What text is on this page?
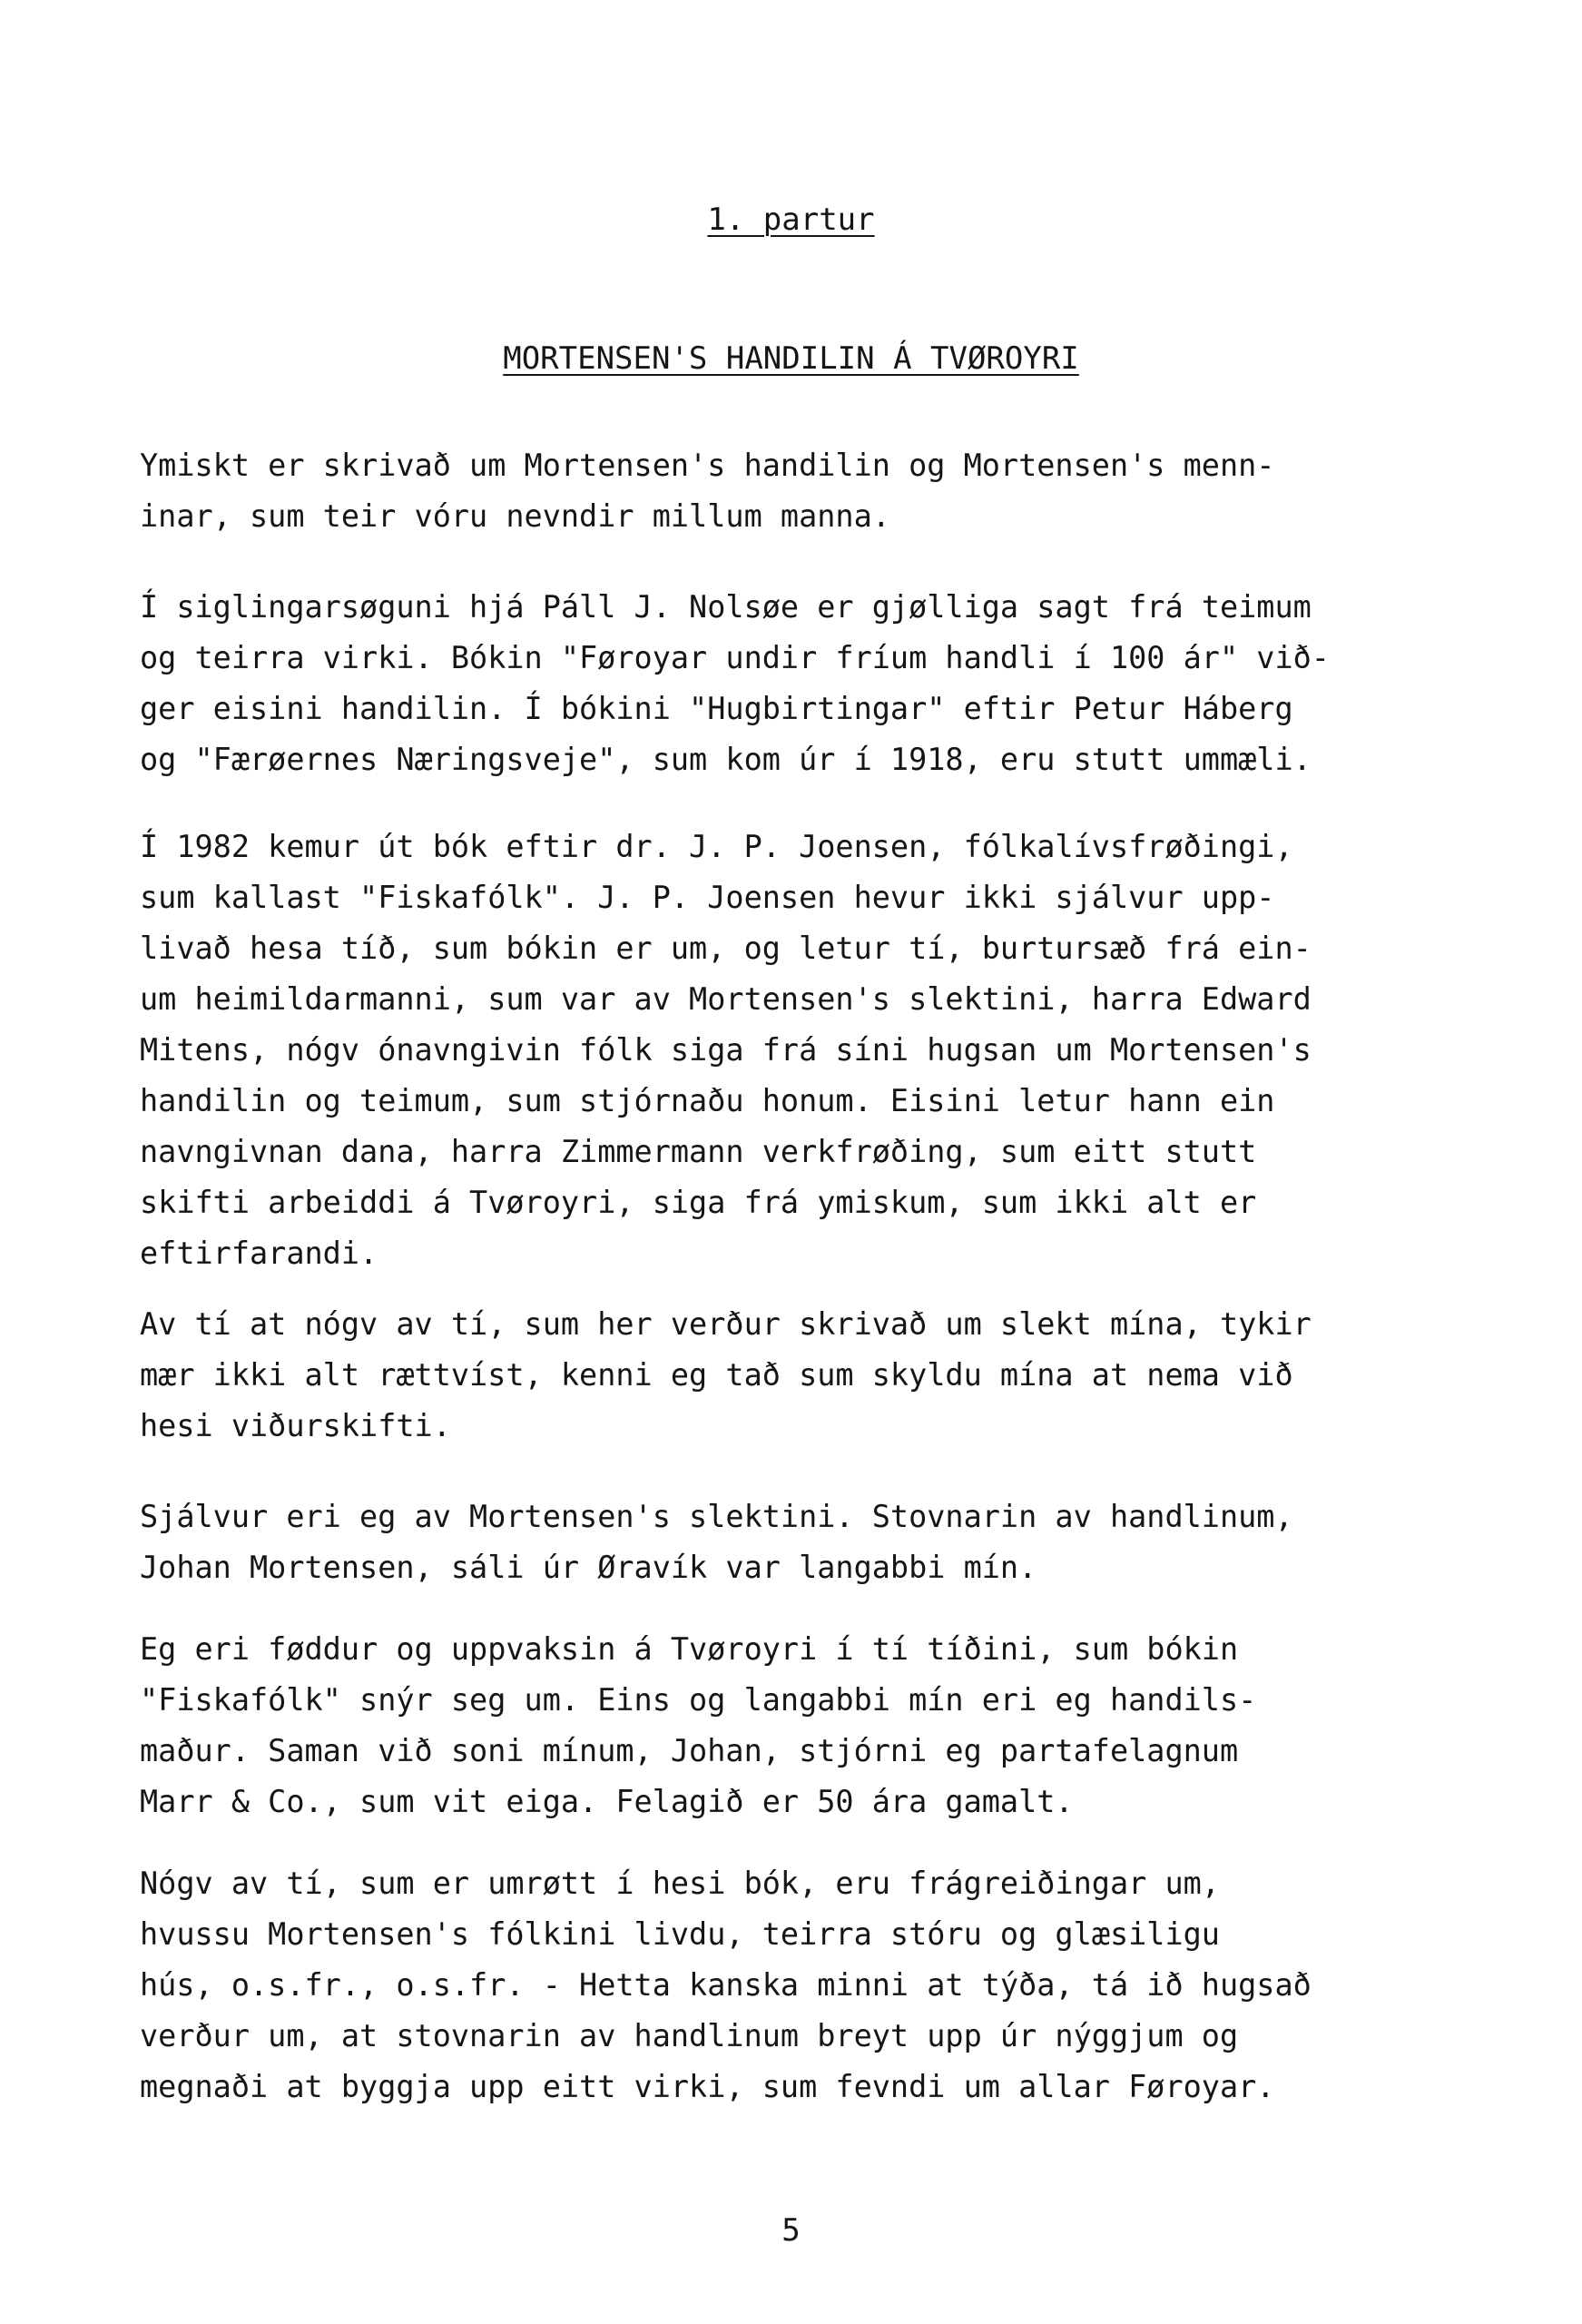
1. partur
MORTENSEN'S HANDILIN Á TVØROYRI

Ymiskt er skrivað um Mortensen's handilin og Mortensen's menn-
inar, sum teir vóru nevndir millum manna.

Í siglingarsøguni hjá Páll J. Nolsøe er gjølliga sagt frá teimum
og teirra virki. Bókin "Føroyar undir fríum handli í 100 ár" við-
ger eisini handilin. Í bókini "Hugbirtingar" eftir Petur Háberg
og "Færøernes Næringsveje", sum kom úr í 1918, eru stutt ummæli.

Í 1982 kemur út bók eftir dr. J. P. Joensen, fólkalívsfrøðingi,
sum kallast "Fiskafólk". J. P. Joensen hevur ikki sjálvur upp-
livað hesa tíð, sum bókin er um, og letur tí, burtursæð frá ein-
um heimildarmanni, sum var av Mortensen's slektini, harra Edward
Mitens, nógv ónavngivin fólk siga frá síni hugsan um Mortensen's
handilin og teimum, sum stjórnaðu honum. Eisini letur hann ein
navngivnan dana, harra Zimmermann verkfrøðing, sum eitt stutt
skifti arbeiddi á Tvøroyri, siga frá ymiskum, sum ikki alt er
eftirfarandi.

Av tí at nógv av tí, sum her verður skrivað um slekt mína, tykir
mær ikki alt rættvíst, kenni eg tað sum skyldu mína at nema við
hesi viðurskifti.

Sjálvur eri eg av Mortensen's slektini. Stovnarin av handlinum,
Johan Mortensen, sáli úr Øravík var langabbi mín.

Eg eri føddur og uppvaksin á Tvøroyri í tí tíðini, sum bókin
"Fiskafólk" snýr seg um. Eins og langabbi mín eri eg handils-
maður. Saman við soni mínum, Johan, stjórni eg partafelagnum
Marr & Co., sum vit eiga. Felagið er 50 ára gamalt.

Nógv av tí, sum er umrøtt í hesi bók, eru frágreiðingar um,
hvussu Mortensen's fólkini livdu, teirra stóru og glæsiligu
hús, o.s.fr., o.s.fr. - Hetta kanska minni at týða, tá ið hugsað
verður um, at stovnarin av handlinum breyt upp úr nýggjum og
megnaði at byggja upp eitt virki, sum fevndi um allar Føroyar.

5
